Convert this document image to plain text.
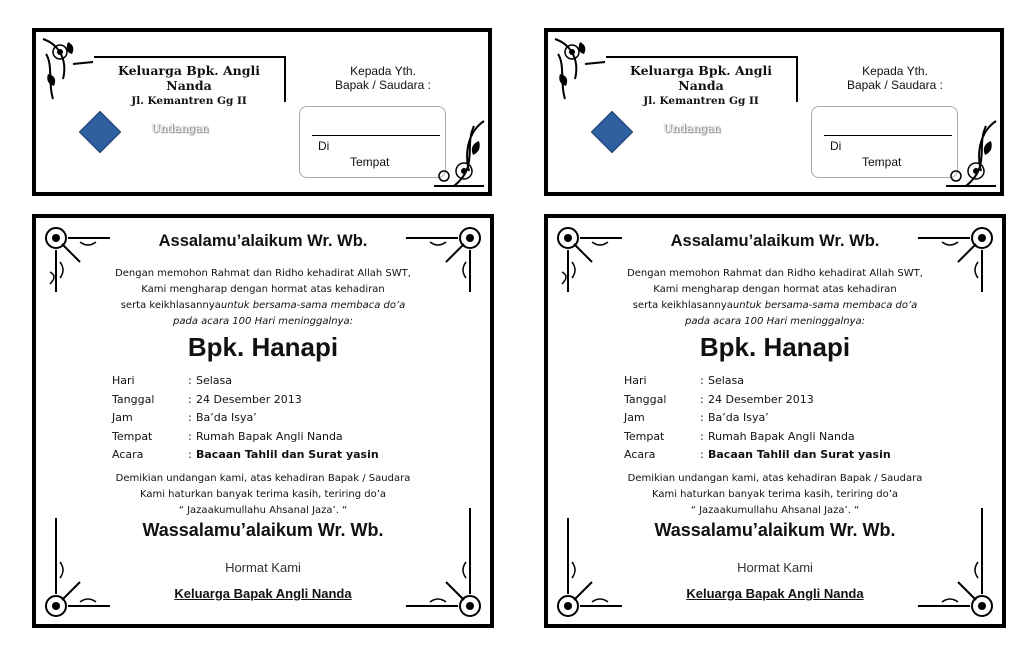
Keluarga Bpk. Angli Nanda
Jl. Kemantren Gg II
Kepada Yth.
Bapak / Saudara :
Di
Tempat
Undangan
Assalamu’alaikum Wr. Wb.
Dengan memohon Rahmat dan Ridho kehadirat Allah SWT,
Kami mengharap dengan hormat atas kehadiran
serta keikhlasannyauntuk bersama-sama membaca do’a
pada acara 100 Hari meninggalnya:
Bpk. Hanapi
Hari	: Selasa
Tanggal	: 24 Desember 2013
Jam	: Ba’da Isya’
Tempat	: Rumah Bapak Angli Nanda
Acara	: Bacaan Tahlil dan Surat yasin
Demikian undangan kami, atas kehadiran Bapak / Saudara
Kami haturkan banyak terima kasih, teriring do’a
“ Jazaakumullahu Ahsanal Jaza’. “
Wassalamu’alaikum Wr. Wb.
Hormat Kami
Keluarga Bapak Angli Nanda
Keluarga Bpk. Angli Nanda
Jl. Kemantren Gg II
Kepada Yth.
Bapak / Saudara :
Di
Tempat
Undangan
Assalamu’alaikum Wr. Wb.
Dengan memohon Rahmat dan Ridho kehadirat Allah SWT,
Kami mengharap dengan hormat atas kehadiran
serta keikhlasannyauntuk bersama-sama membaca do’a
pada acara 100 Hari meninggalnya:
Bpk. Hanapi
Hari	: Selasa
Tanggal	: 24 Desember 2013
Jam	: Ba’da Isya’
Tempat	: Rumah Bapak Angli Nanda
Acara	: Bacaan Tahlil dan Surat yasin
Demikian undangan kami, atas kehadiran Bapak / Saudara
Kami haturkan banyak terima kasih, teriring do’a
“ Jazaakumullahu Ahsanal Jaza’. “
Wassalamu’alaikum Wr. Wb.
Hormat Kami
Keluarga Bapak Angli Nanda
